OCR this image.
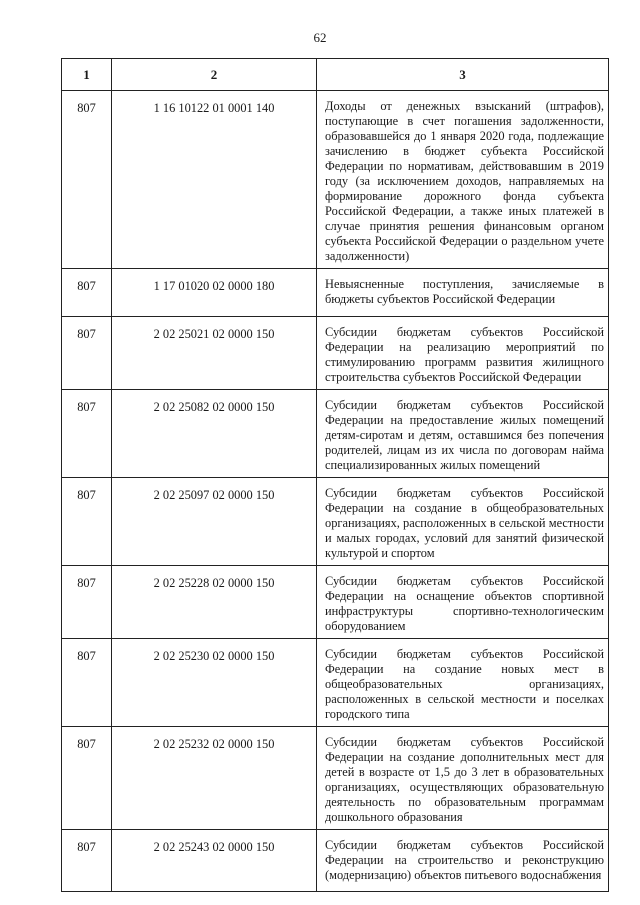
62
1	2	3
807	1 16 10122 01 0001 140	Доходы от денежных взысканий (штрафов), поступающие в счет погашения задолженности, образовавшейся до 1 января 2020 года, подлежащие зачислению в бюджет субъекта Российской Федерации по нормативам, действовавшим в 2019 году (за исключением доходов, направляемых на формирование дорожного фонда субъекта Российской Федерации, а также иных платежей в случае принятия решения финансовым органом субъекта Российской Федерации о раздельном учете задолженности)

807	1 17 01020 02 0000 180	Невыясненные поступления, зачисляемые в бюджеты субъектов Российской Федерации

807	2 02 25021 02 0000 150	Субсидии бюджетам субъектов Российской Федерации на реализацию мероприятий по стимулированию программ развития жилищного строительства субъектов Российской Федерации

807	2 02 25082 02 0000 150	Субсидии бюджетам субъектов Российской Федерации на предоставление жилых помещений детям-сиротам и детям, оставшимся без попечения родителей, лицам из их числа по договорам найма специализированных жилых помещений

807	2 02 25097 02 0000 150	Субсидии бюджетам субъектов Российской Федерации на создание в общеобразовательных организациях, расположенных в сельской местности и малых городах, условий для занятий физической культурой и спортом

807	2 02 25228 02 0000 150	Субсидии бюджетам субъектов Российской Федерации на оснащение объектов спортивной инфраструктуры спортивно-технологическим оборудованием

807	2 02 25230 02 0000 150	Субсидии бюджетам субъектов Российской Федерации на создание новых мест в общеобразовательных организациях, расположенных в сельской местности и поселках городского типа

807	2 02 25232 02 0000 150	Субсидии бюджетам субъектов Российской Федерации на создание дополнительных мест для детей в возрасте от 1,5 до 3 лет в образовательных организациях, осуществляющих образовательную деятельность по образовательным программам дошкольного образования

807	2 02 25243 02 0000 150	Субсидии бюджетам субъектов Российской Федерации на строительство и реконструкцию (модернизацию) объектов питьевого водоснабжения
